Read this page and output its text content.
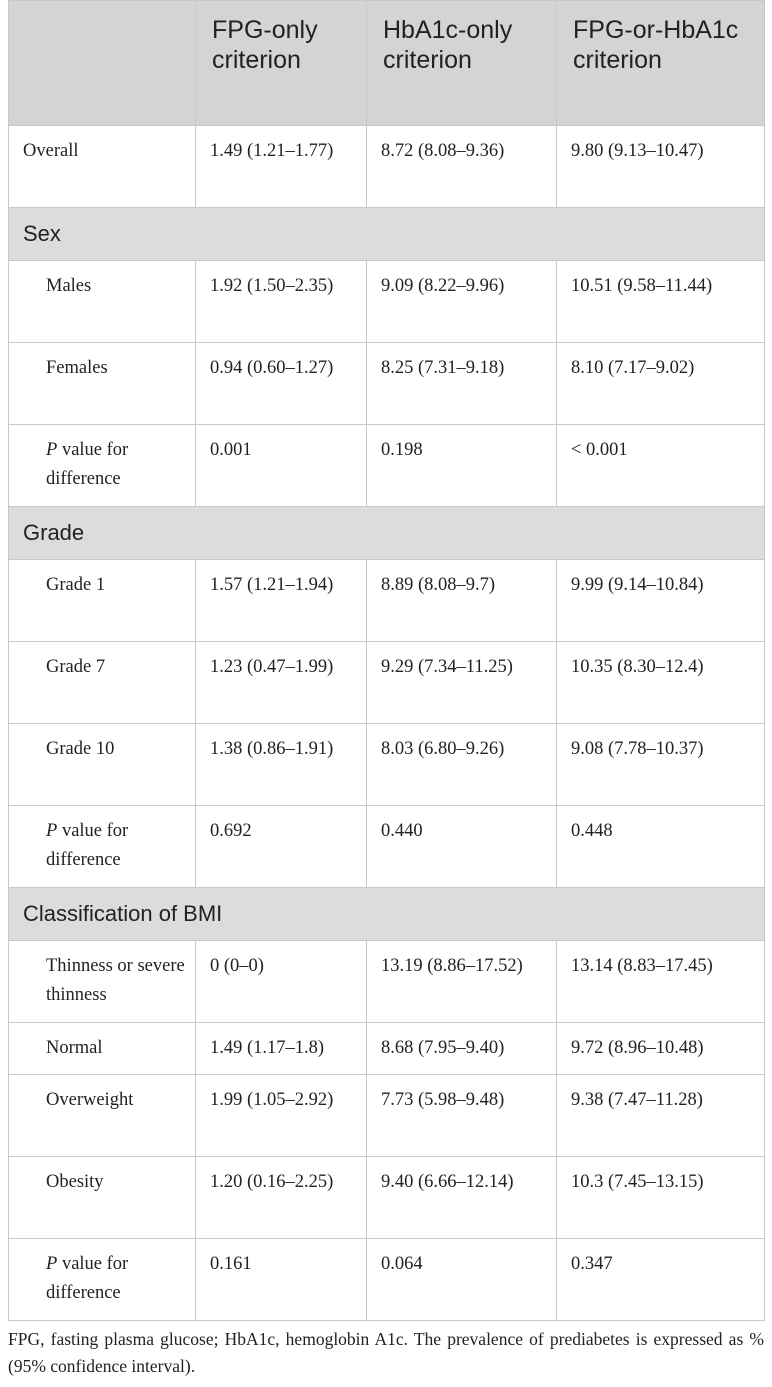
	FPG-only criterion	HbA1c-only criterion	FPG-or-HbA1c criterion
Overall	1.49 (1.21–1.77)	8.72 (8.08–9.36)	9.80 (9.13–10.47)
Sex			
Males	1.92 (1.50–2.35)	9.09 (8.22–9.96)	10.51 (9.58–11.44)
Females	0.94 (0.60–1.27)	8.25 (7.31–9.18)	8.10 (7.17–9.02)
P value for difference	0.001	0.198	< 0.001
Grade			
Grade 1	1.57 (1.21–1.94)	8.89 (8.08–9.7)	9.99 (9.14–10.84)
Grade 7	1.23 (0.47–1.99)	9.29 (7.34–11.25)	10.35 (8.30–12.4)
Grade 10	1.38 (0.86–1.91)	8.03 (6.80–9.26)	9.08 (7.78–10.37)
P value for difference	0.692	0.440	0.448
Classification of BMI			
Thinness or severe thinness	0 (0–0)	13.19 (8.86–17.52)	13.14 (8.83–17.45)
Normal	1.49 (1.17–1.8)	8.68 (7.95–9.40)	9.72 (8.96–10.48)
Overweight	1.99 (1.05–2.92)	7.73 (5.98–9.48)	9.38 (7.47–11.28)
Obesity	1.20 (0.16–2.25)	9.40 (6.66–12.14)	10.3 (7.45–13.15)
P value for difference	0.161	0.064	0.347
FPG, fasting plasma glucose; HbA1c, hemoglobin A1c. The prevalence of prediabetes is expressed as % (95% confidence interval).
